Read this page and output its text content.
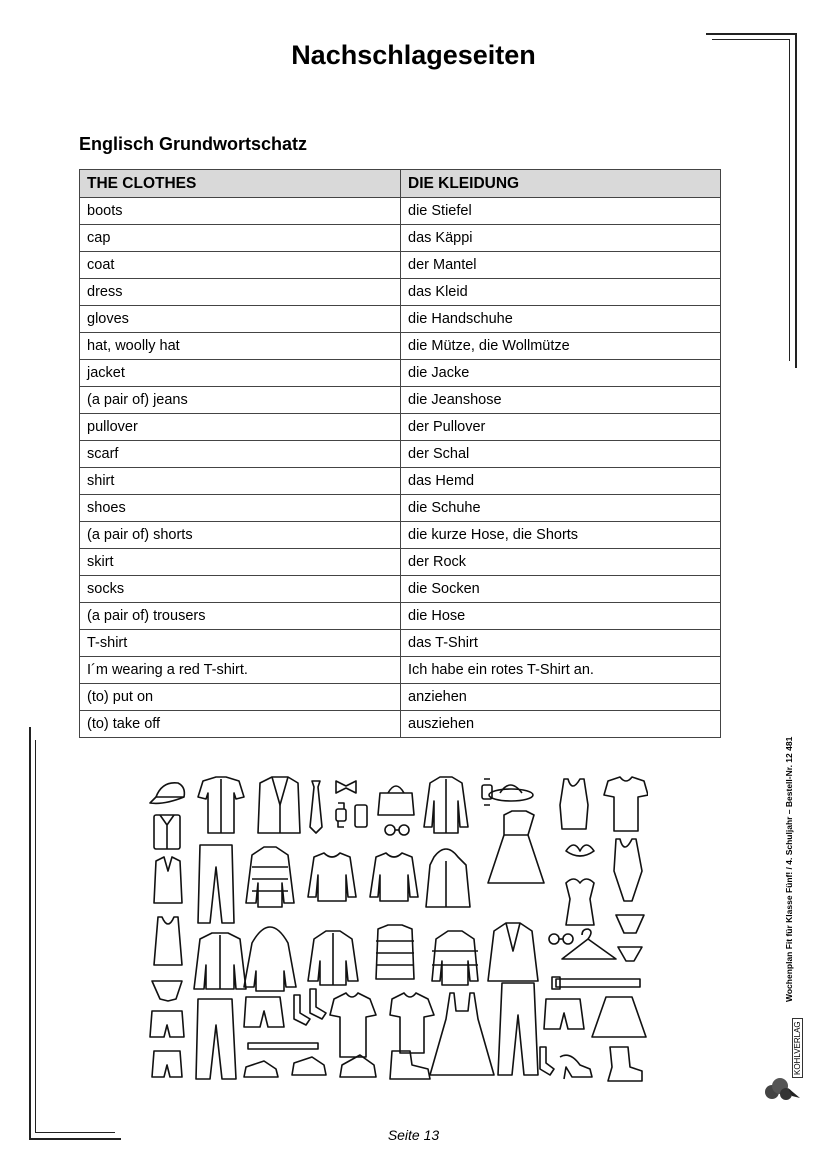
Nachschlageseiten
Englisch Grundwortschatz
THE CLOTHES	DIE KLEIDUNG
boots	die Stiefel
cap	das Käppi
coat	der Mantel
dress	das Kleid
gloves	die Handschuhe
hat, woolly hat	die Mütze, die Wollmütze
jacket	die Jacke
(a pair of) jeans	die Jeanshose
pullover	der Pullover
scarf	der Schal
shirt	das Hemd
shoes	die Schuhe
(a pair of) shorts	die kurze Hose, die Shorts
skirt	der Rock
socks	die Socken
(a pair of) trousers	die Hose
T-shirt	das T-Shirt
I´m wearing a red T-shirt.	Ich habe ein rotes T-Shirt an.
(to) put on	anziehen
(to) take off	ausziehen
Wochenplan Fit für Klasse Fünf! / 4. Schuljahr – Bestell-Nr. 12 481
KOHLVERLAG
Seite 13
